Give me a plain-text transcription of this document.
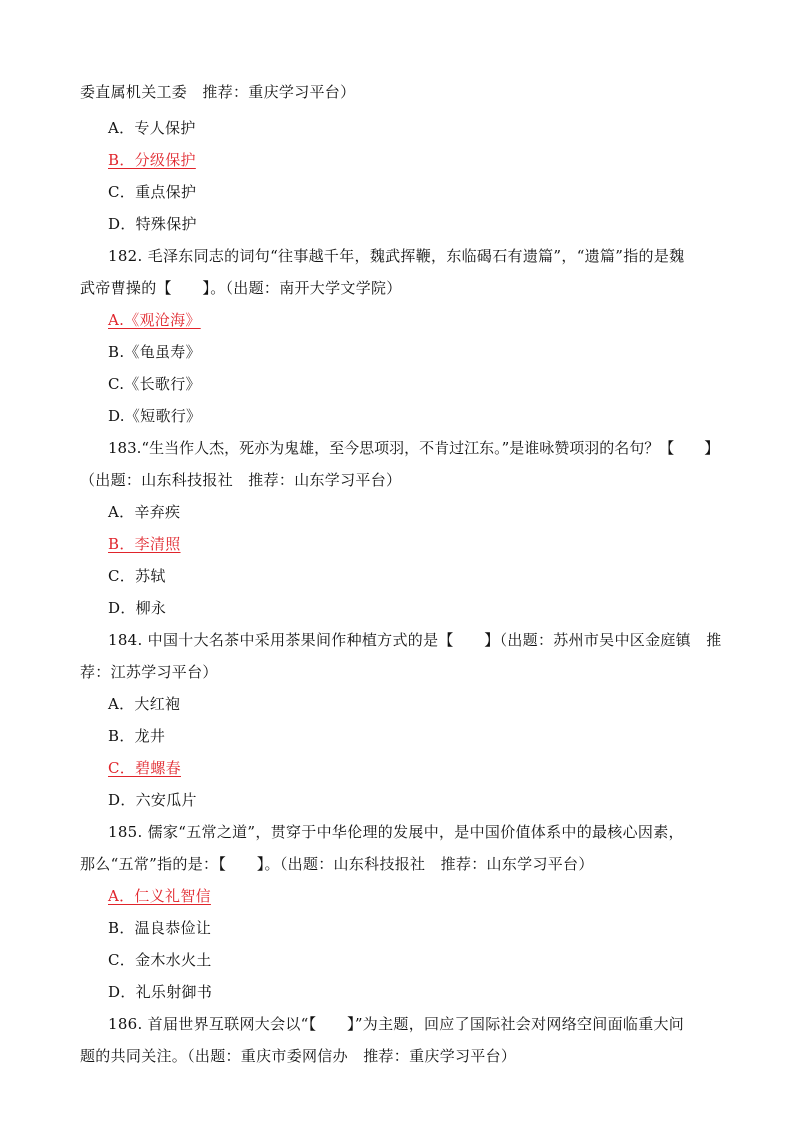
委直属机关工委　推荐：重庆学习平台）
A．专人保护
B．分级保护
C．重点保护
D．特殊保护
182. 毛泽东同志的词句“往事越千年，魏武挥鞭，东临碣石有遗篇”，“遗篇”指的是魏
武帝曹操的【　　】。（出题：南开大学文学院）
A.《观沧海》
B.《龟虽寿》
C.《长歌行》
D.《短歌行》
183.“生当作人杰，死亦为鬼雄，至今思项羽，不肯过江东。”是谁咏赞项羽的名句？【　　】
（出题：山东科技报社　推荐：山东学习平台）
A．辛弃疾
B．李清照
C．苏轼
D．柳永
184. 中国十大名茶中采用茶果间作种植方式的是【　　】（出题：苏州市吴中区金庭镇　推
荐：江苏学习平台）
A．大红袍
B．龙井
C．碧螺春
D．六安瓜片
185. 儒家“五常之道”，贯穿于中华伦理的发展中，是中国价值体系中的最核心因素，
那么“五常”指的是：【　　】。（出题：山东科技报社　推荐：山东学习平台）
A．仁义礼智信
B．温良恭俭让
C．金木水火土
D．礼乐射御书
186. 首届世界互联网大会以“【　　】”为主题，回应了国际社会对网络空间面临重大问
题的共同关注。（出题：重庆市委网信办　推荐：重庆学习平台）
